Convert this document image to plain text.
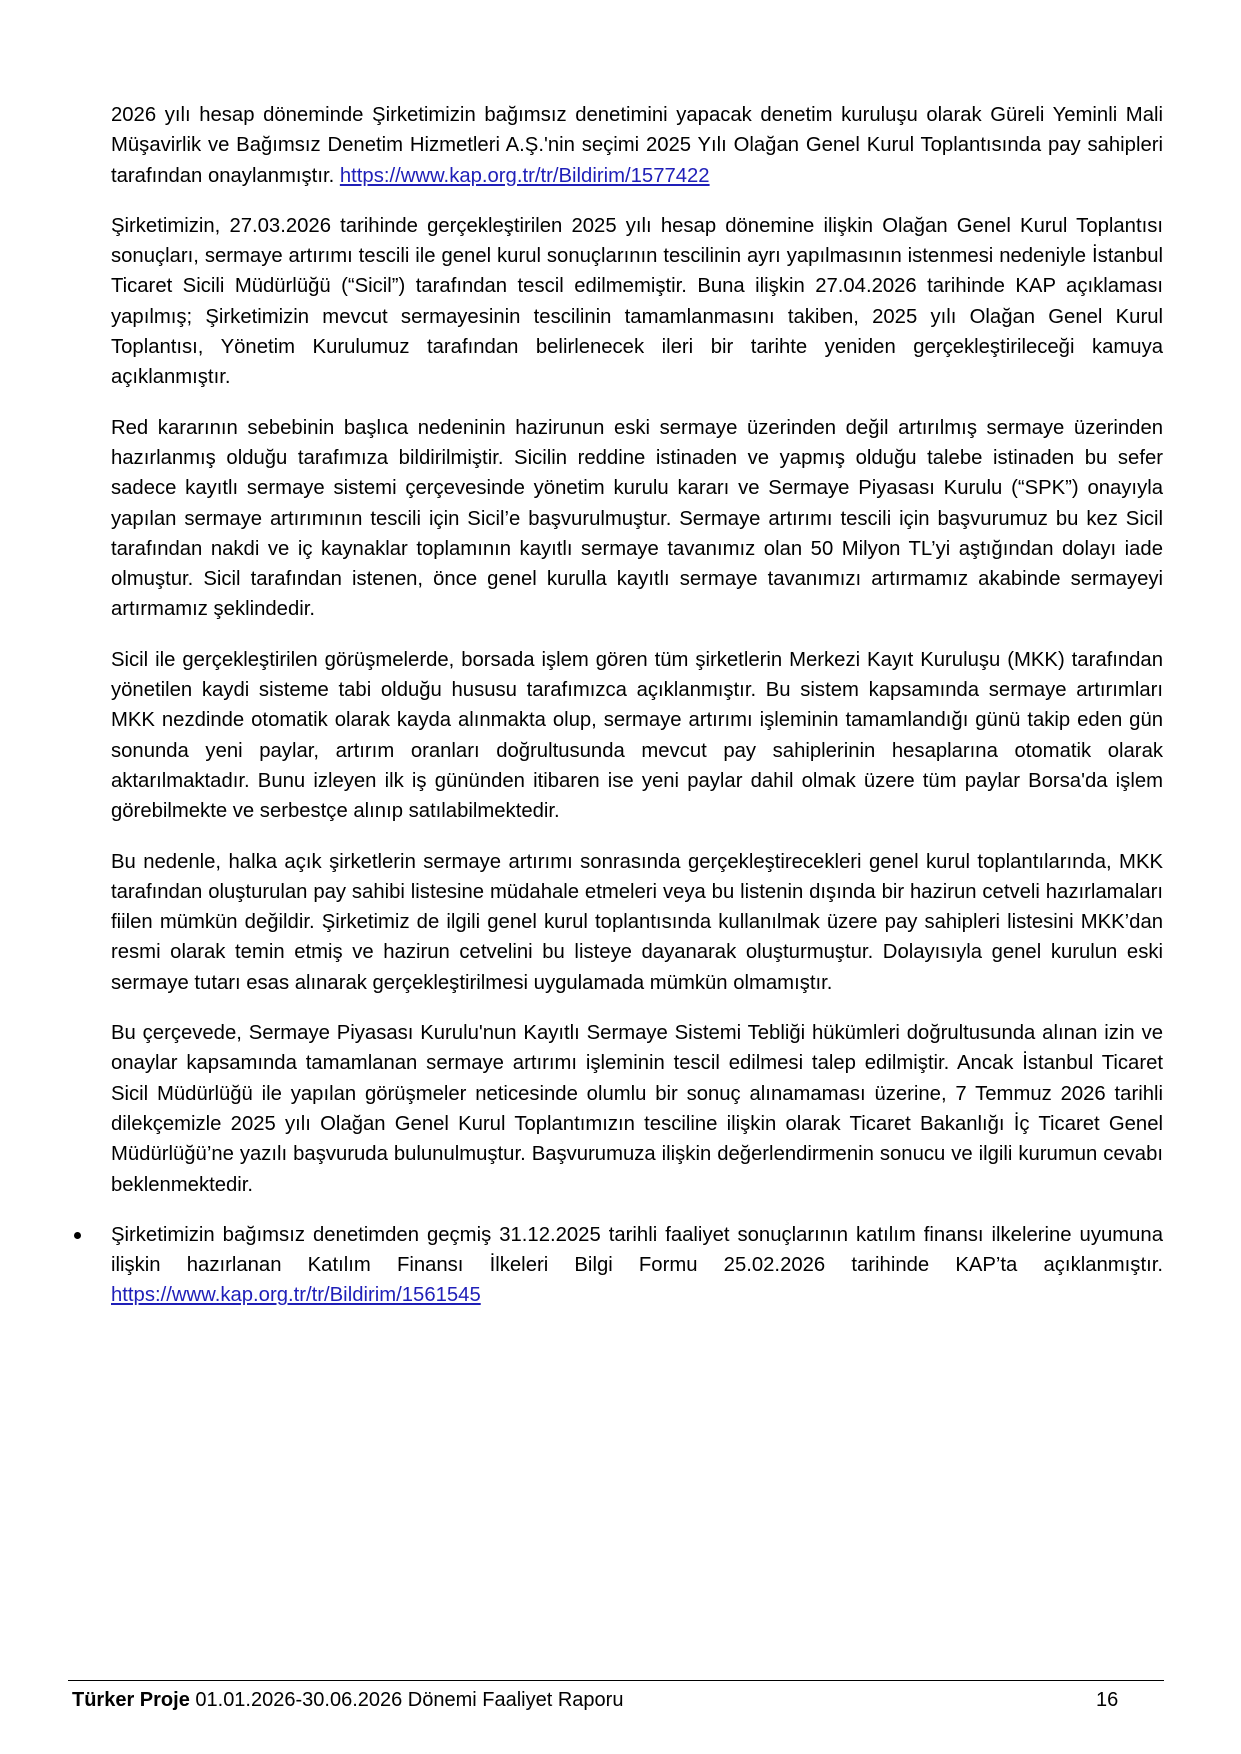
2026 yılı hesap döneminde Şirketimizin bağımsız denetimini yapacak denetim kuruluşu olarak Güreli Yeminli Mali Müşavirlik ve Bağımsız Denetim Hizmetleri A.Ş.'nin seçimi 2025 Yılı Olağan Genel Kurul Toplantısında pay sahipleri tarafından onaylanmıştır. https://www.kap.org.tr/tr/Bildirim/1577422

Şirketimizin, 27.03.2026 tarihinde gerçekleştirilen 2025 yılı hesap dönemine ilişkin Olağan Genel Kurul Toplantısı sonuçları, sermaye artırımı tescili ile genel kurul sonuçlarının tescilinin ayrı yapılmasının istenmesi nedeniyle İstanbul Ticaret Sicili Müdürlüğü (“Sicil”) tarafından tescil edilmemiştir. Buna ilişkin 27.04.2026 tarihinde KAP açıklaması yapılmış; Şirketimizin mevcut sermayesinin tescilinin tamamlanmasını takiben, 2025 yılı Olağan Genel Kurul Toplantısı, Yönetim Kurulumuz tarafından belirlenecek ileri bir tarihte yeniden gerçekleştirileceği kamuya açıklanmıştır.

Red kararının sebebinin başlıca nedeninin hazirunun eski sermaye üzerinden değil artırılmış sermaye üzerinden hazırlanmış olduğu tarafımıza bildirilmiştir. Sicilin reddine istinaden ve yapmış olduğu talebe istinaden bu sefer sadece kayıtlı sermaye sistemi çerçevesinde yönetim kurulu kararı ve Sermaye Piyasası Kurulu (“SPK”) onayıyla yapılan sermaye artırımının tescili için Sicil’e başvurulmuştur. Sermaye artırımı tescili için başvurumuz bu kez Sicil tarafından nakdi ve iç kaynaklar toplamının kayıtlı sermaye tavanımız olan 50 Milyon TL’yi aştığından dolayı iade olmuştur. Sicil tarafından istenen, önce genel kurulla kayıtlı sermaye tavanımızı artırmamız akabinde sermayeyi artırmamız şeklindedir.

Sicil ile gerçekleştirilen görüşmelerde, borsada işlem gören tüm şirketlerin Merkezi Kayıt Kuruluşu (MKK) tarafından yönetilen kaydi sisteme tabi olduğu hususu tarafımızca açıklanmıştır. Bu sistem kapsamında sermaye artırımları MKK nezdinde otomatik olarak kayda alınmakta olup, sermaye artırımı işleminin tamamlandığı günü takip eden gün sonunda yeni paylar, artırım oranları doğrultusunda mevcut pay sahiplerinin hesaplarına otomatik olarak aktarılmaktadır. Bunu izleyen ilk iş gününden itibaren ise yeni paylar dahil olmak üzere tüm paylar Borsa'da işlem görebilmekte ve serbestçe alınıp satılabilmektedir.

Bu nedenle, halka açık şirketlerin sermaye artırımı sonrasında gerçekleştirecekleri genel kurul toplantılarında, MKK tarafından oluşturulan pay sahibi listesine müdahale etmeleri veya bu listenin dışında bir hazirun cetveli hazırlamaları fiilen mümkün değildir. Şirketimiz de ilgili genel kurul toplantısında kullanılmak üzere pay sahipleri listesini MKK’dan resmi olarak temin etmiş ve hazirun cetvelini bu listeye dayanarak oluşturmuştur. Dolayısıyla genel kurulun eski sermaye tutarı esas alınarak gerçekleştirilmesi uygulamada mümkün olmamıştır.

Bu çerçevede, Sermaye Piyasası Kurulu'nun Kayıtlı Sermaye Sistemi Tebliği hükümleri doğrultusunda alınan izin ve onaylar kapsamında tamamlanan sermaye artırımı işleminin tescil edilmesi talep edilmiştir. Ancak İstanbul Ticaret Sicil Müdürlüğü ile yapılan görüşmeler neticesinde olumlu bir sonuç alınamaması üzerine, 7 Temmuz 2026 tarihli dilekçemizle 2025 yılı Olağan Genel Kurul Toplantımızın tesciline ilişkin olarak Ticaret Bakanlığı İç Ticaret Genel Müdürlüğü’ne yazılı başvuruda bulunulmuştur. Başvurumuza ilişkin değerlendirmenin sonucu ve ilgili kurumun cevabı beklenmektedir.

Şirketimizin bağımsız denetimden geçmiş 31.12.2025 tarihli faaliyet sonuçlarının katılım finansı ilkelerine uyumuna ilişkin hazırlanan Katılım Finansı İlkeleri Bilgi Formu 25.02.2026 tarihinde KAP’ta açıklanmıştır. https://www.kap.org.tr/tr/Bildirim/1561545

Türker Proje 01.01.2026-30.06.2026 Dönemi Faaliyet Raporu	16
